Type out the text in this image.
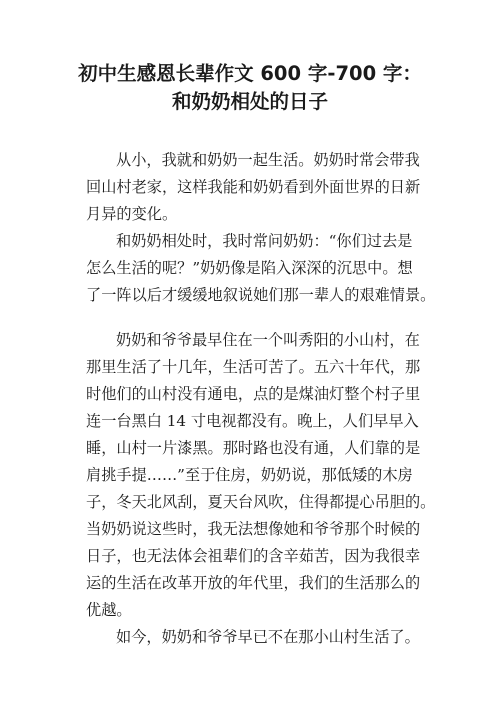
初中生感恩长辈作文 600 字-700 字：
和奶奶相处的日子
从小，我就和奶奶一起生活。奶奶时常会带我
回山村老家，这样我能和奶奶看到外面世界的日新
月异的变化。
和奶奶相处时，我时常问奶奶：“你们过去是
怎么生活的呢？”奶奶像是陷入深深的沉思中。想
了一阵以后才缓缓地叙说她们那一辈人的艰难情景。
奶奶和爷爷最早住在一个叫秀阳的小山村，在
那里生活了十几年，生活可苦了。五六十年代，那
时他们的山村没有通电，点的是煤油灯整个村子里
连一台黑白 14 寸电视都没有。晚上，人们早早入
睡，山村一片漆黑。那时路也没有通，人们靠的是
肩挑手提……”至于住房，奶奶说，那低矮的木房
子，冬天北风刮，夏天台风吹，住得都提心吊胆的。
当奶奶说这些时，我无法想像她和爷爷那个时候的
日子，也无法体会祖辈们的含辛茹苦，因为我很幸
运的生活在改革开放的年代里，我们的生活那么的
优越。
如今，奶奶和爷爷早已不在那小山村生活了。
